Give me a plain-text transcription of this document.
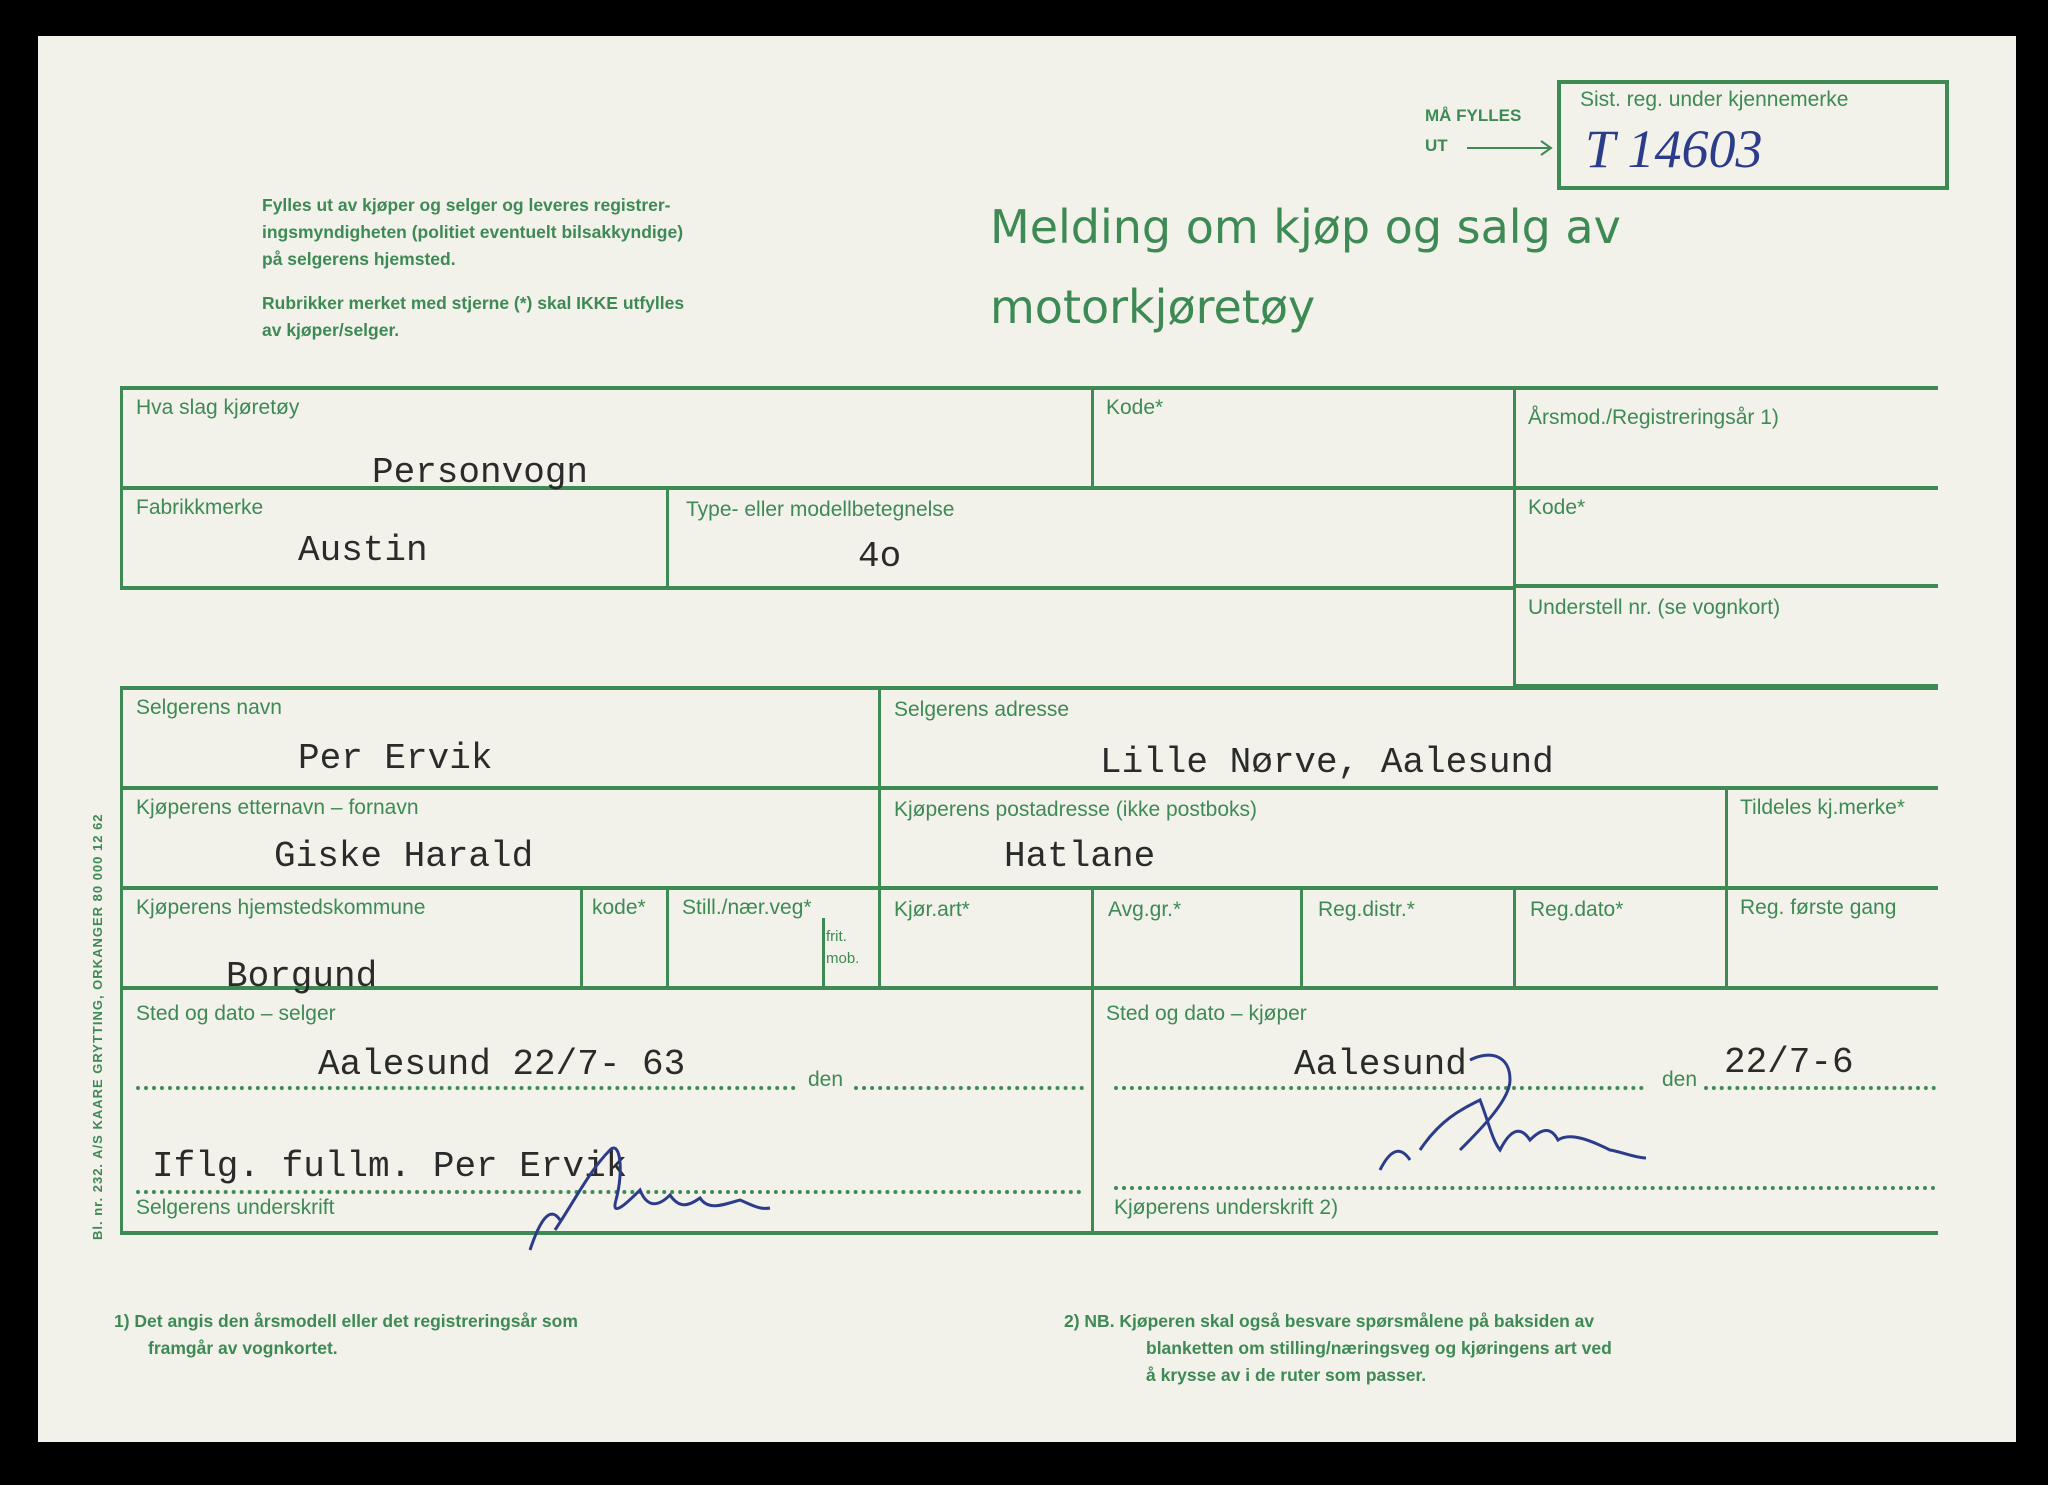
MÅ FYLLES
UT
Sist. reg. under kjennemerke
T 14603
Fylles ut av kjøper og selger og leveres registrer-
ingsmyndigheten (politiet eventuelt bilsakkyndige)
på selgerens hjemsted.
Rubrikker merket med stjerne (*) skal IKKE utfylles
av kjøper/selger.
Melding om kjøp og salg av
motorkjøretøy
Hva slag kjøretøy
Personvogn
Kode*	Årsmod./Registreringsår 1)
Fabrikkmerke
Austin
Type- eller modellbetegnelse
4o
Kode*
Understell nr. (se vognkort)
Selgerens navn
Per Ervik
Selgerens adresse
Lille Nørve, Aalesund
Kjøperens etternavn – fornavn
Giske Harald
Kjøperens postadresse (ikke postboks)
Hatlane
Tildeles kj.merke*
Kjøperens hjemstedskommune
Borgund
kode* Still./nær.veg*
frit.
mob.
Kjør.art*	Avg.gr.*	Reg.distr.*	Reg.dato*	Reg. første gang
Sted og dato – selger
Aalesund 22/7- 63	den
Sted og dato – kjøper
Aalesund	den 22/7-6
Iflg. fullm. Per Ervik
Selgerens underskrift	Kjøperens underskrift 2)
1) Det angis den årsmodell eller det registreringsår som
framgår av vognkortet.
2) NB. Kjøperen skal også besvare spørsmålene på baksiden av
blanketten om stilling/næringsveg og kjøringens art ved
å krysse av i de ruter som passer.
Bl. nr. 232. A/S KAARE GRYTTING, ORKANGER 80 000 12 62
